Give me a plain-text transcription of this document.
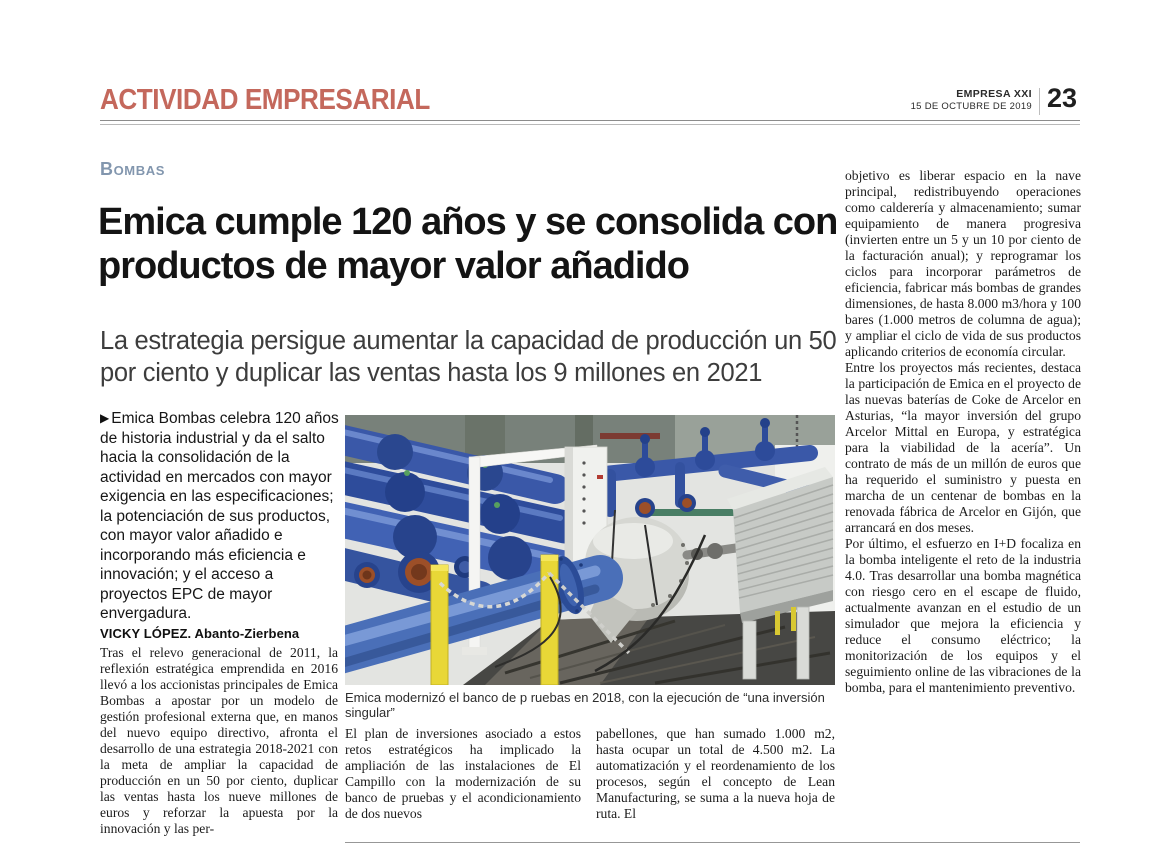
ACTIVIDAD EMPRESARIAL	EMPRESA XXI
15 DE OCTUBRE DE 2019 23
Bombas
Emica cumple 120 años y se consolida con productos de mayor valor añadido
La estrategia persigue aumentar la capacidad de producción un 50 por ciento y duplicar las ventas hasta los 9 millones en 2021
▶ Emica Bombas celebra 120 años de historia industrial y da el salto hacia la consolidación de la actividad en mercados con mayor exigencia en las especificaciones; la potenciación de sus productos, con mayor valor añadido e incorporando más eficiencia e innovación; y el acceso a proyectos EPC de mayor envergadura.
VICKY LÓPEZ. Abanto-Zierbena
Tras el relevo generacional de 2011, la reflexión estratégica emprendida en 2016 llevó a los accionistas principales de Emica Bombas a apostar por un modelo de gestión profesional externa que, en manos del nuevo equipo directivo, afronta el desarrollo de una estrategia 2018-2021 con la meta de ampliar la capacidad de producción en un 50 por ciento, duplicar las ventas hasta los nueve millones de euros y reforzar la apuesta por la innovación y las per-
Emica modernizó el banco de p ruebas en 2018, con la ejecución de “una inversión singular”
El plan de inversiones asociado a estos retos estratégicos ha implicado la ampliación de las instalaciones de El Campillo con la modernización de su banco de pruebas y el acondicionamiento de dos nuevos
pabellones, que han sumado 1.000 m2, hasta ocupar un total de 4.500 m2. La automatización y el reordenamiento de los procesos, según el concepto de Lean Manufacturing, se suma a la nueva hoja de ruta. El

objetivo es liberar espacio en la nave principal, redistribuyendo operaciones como calderería y almacenamiento; sumar equipamiento de manera progresiva (invierten entre un 5 y un 10 por ciento de la facturación anual); y reprogramar los ciclos para incorporar parámetros de eficiencia, fabricar más bombas de grandes dimensiones, de hasta 8.000 m3/hora y 100 bares (1.000 metros de columna de agua); y ampliar el ciclo de vida de sus productos aplicando criterios de economía circular.

Entre los proyectos más recientes, destaca la participación de Emica en el proyecto de las nuevas baterías de Coke de Arcelor en Asturias, “la mayor inversión del grupo Arcelor Mittal en Europa, y estratégica para la viabilidad de la acería”. Un contrato de más de un millón de euros que ha requerido el suministro y puesta en marcha de un centenar de bombas en la renovada fábrica de Arcelor en Gijón, que arrancará en dos meses.

Por último, el esfuerzo en I+D focaliza en la bomba inteligente el reto de la industria 4.0. Tras desarrollar una bomba magnética con riesgo cero en el escape de fluido, actualmente avanzan en el estudio de un simulador que mejora la eficiencia y reduce el consumo eléctrico; la monitorización de los equipos y el seguimiento online de las vibraciones de la bomba, para el mantenimiento preventivo.
